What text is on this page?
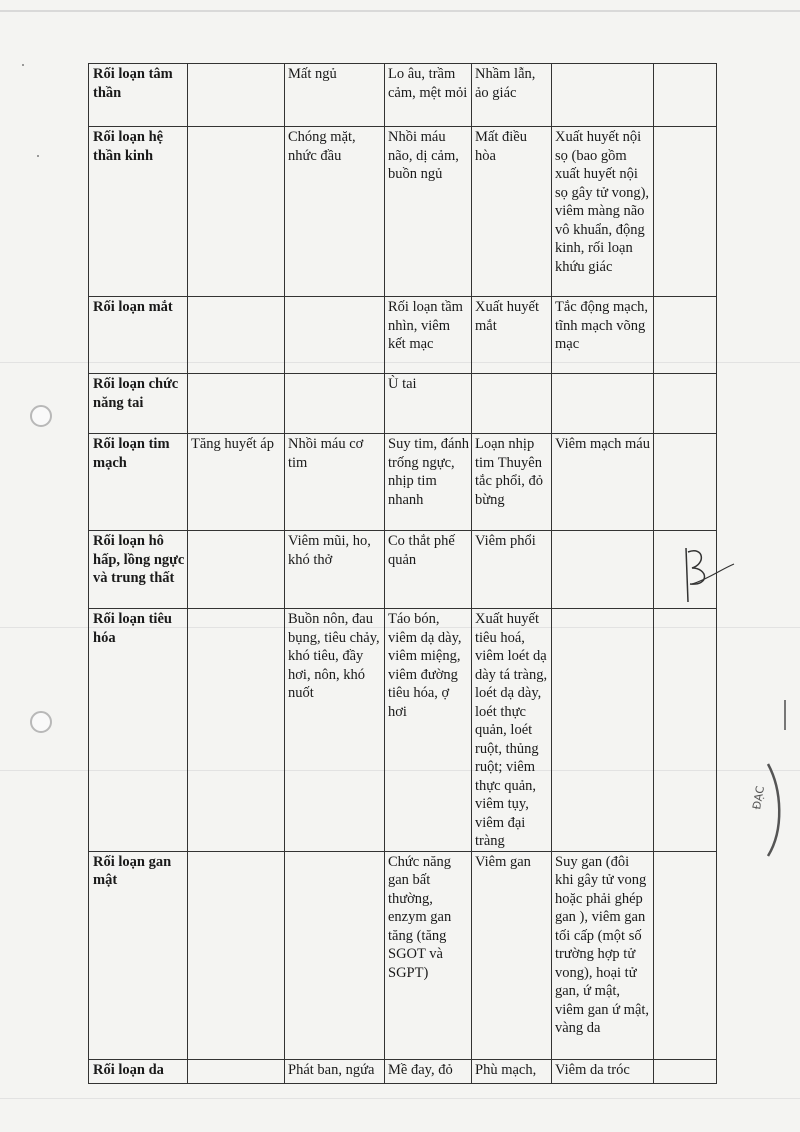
Rối loạn tâm thần		Mất ngủ	Lo âu, trầm cảm, mệt mỏi	Nhầm lẫn, ảo giác		
Rối loạn hệ thần kinh		Chóng mặt, nhức đầu	Nhồi máu não, dị cảm, buồn ngủ	Mất điều hòa	Xuất huyết nội sọ (bao gồm xuất huyết nội sọ gây tử vong), viêm màng não vô khuẩn, động kinh, rối loạn khứu giác	
Rối loạn mắt			Rối loạn tầm nhìn, viêm kết mạc	Xuất huyết mắt	Tắc động mạch, tĩnh mạch võng mạc	
Rối loạn chức năng tai			Ù tai			
Rối loạn tim mạch	Tăng huyết áp	Nhồi máu cơ tim	Suy tim, đánh trống ngực, nhịp tim nhanh	Loạn nhịp tim Thuyên tắc phổi, đỏ bừng	Viêm mạch máu	
Rối loạn hô hấp, lồng ngực và trung thất		Viêm mũi, ho, khó thở	Co thắt phế quản	Viêm phổi		
Rối loạn tiêu hóa		Buồn nôn, đau bụng, tiêu chảy, khó tiêu, đầy hơi, nôn, khó nuốt	Táo bón, viêm dạ dày, viêm miệng, viêm đường tiêu hóa, ợ hơi	Xuất huyết tiêu hoá, viêm loét dạ dày tá tràng, loét dạ dày, loét thực quản, loét ruột, thủng ruột; viêm thực quản, viêm tụy, viêm đại tràng		
Rối loạn gan mật			Chức năng gan bất thường, enzym gan tăng (tăng SGOT và SGPT)	Viêm gan	Suy gan (đôi khi gây tử vong hoặc phải ghép gan ), viêm gan tối cấp (một số trường hợp tử vong), hoại tử gan, ứ mật, viêm gan ứ mật, vàng da	
Rối loạn da		Phát ban, ngứa	Mề đay, đỏ	Phù mạch,	Viêm da tróc	
ĐẠC
